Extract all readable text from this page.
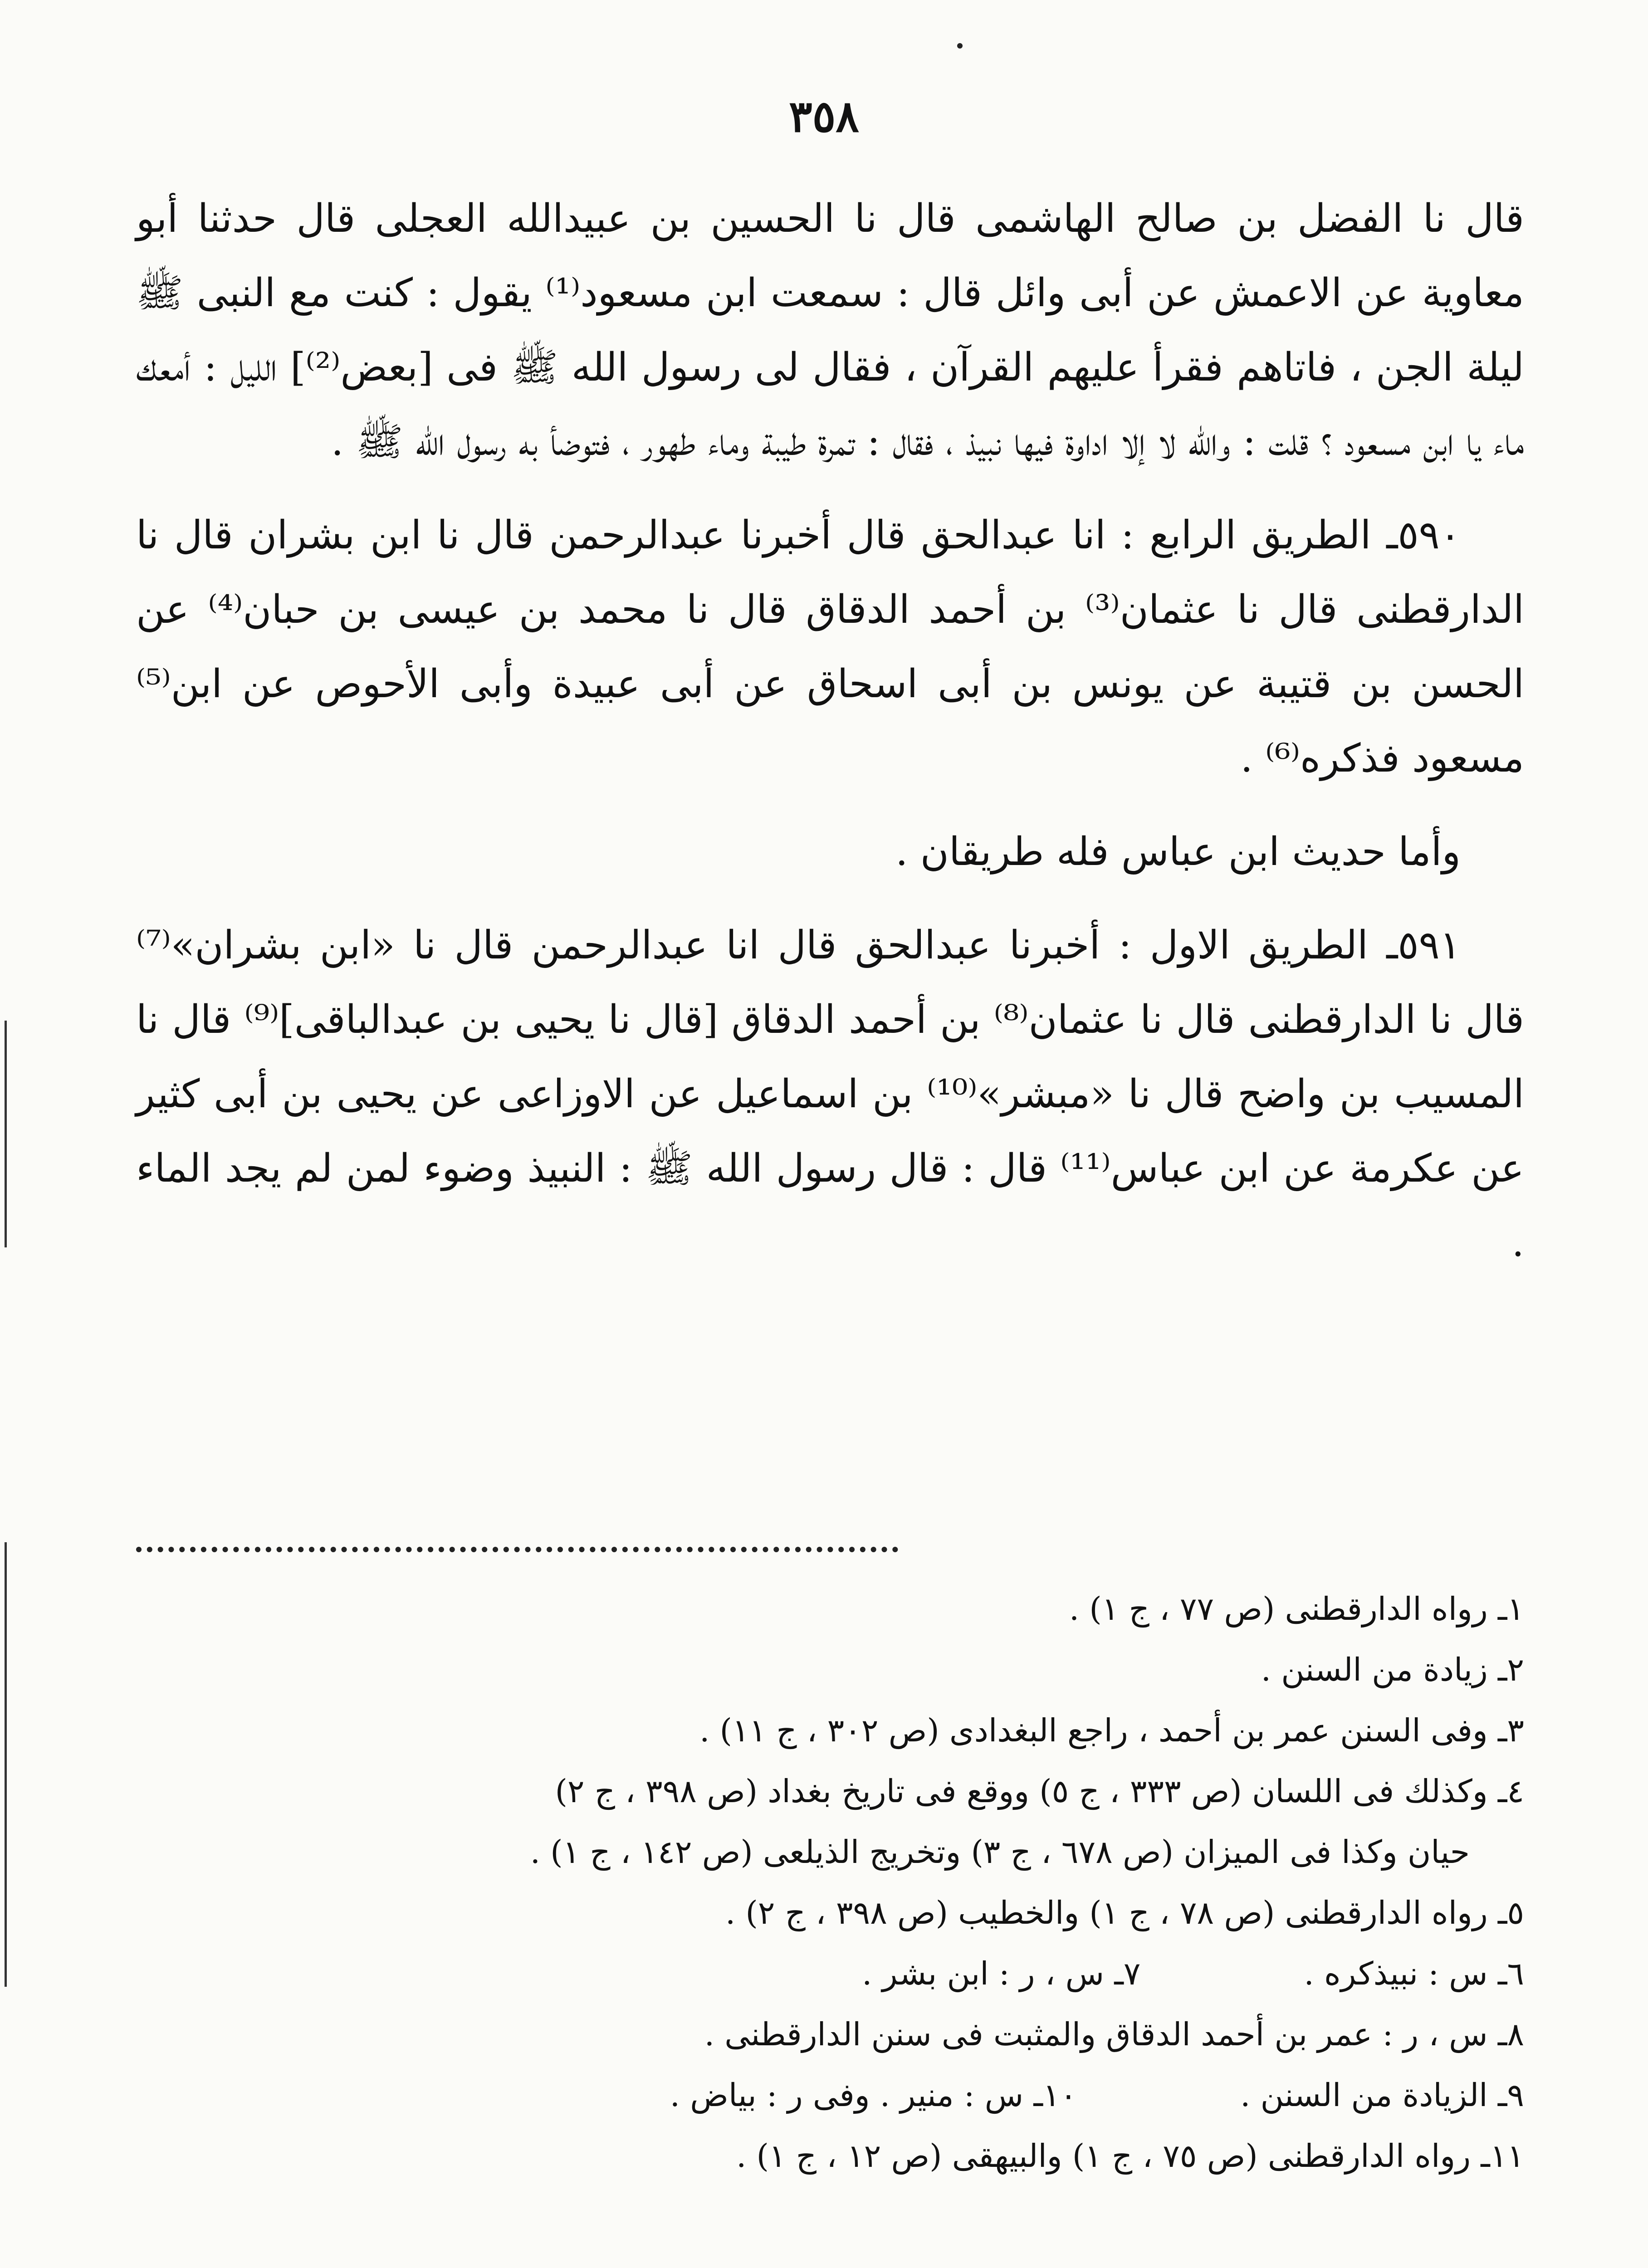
٣٥٨

قال نا الفضل بن صالح الهاشمى قال نا الحسين بن عبيدالله العجلى قال حدثنا أبو معاوية عن الاعمش عن أبى وائل قال : سمعت ابن مسعود⁽¹⁾ يقول : كنت مع النبى ﷺ ليلة الجن ، فاتاهم فقرأ عليهم القرآن ، فقال لى رسول الله ﷺ فى [بعض⁽²⁾] الليل : أمعك ماء يا ابن مسعود ؟ قلت : والله لا إلا اداوة فيها نبيذ ، فقال : تمرة طيبة وماء طهور ، فتوضأ به رسول الله ﷺ .

٥٩٠ـ الطريق الرابع : انا عبدالحق قال أخبرنا عبدالرحمن قال نا ابن بشران قال نا الدارقطنى قال نا عثمان⁽³⁾ بن أحمد الدقاق قال نا محمد بن عيسى بن حبان⁽⁴⁾ عن الحسن بن قتيبة عن يونس بن أبى اسحاق عن أبى عبيدة وأبى الأحوص عن ابن⁽⁵⁾ مسعود فذكره⁽⁶⁾ .

وأما حديث ابن عباس فله طريقان .

٥٩١ـ الطريق الاول : أخبرنا عبدالحق قال انا عبدالرحمن قال نا «ابن بشران»⁽⁷⁾ قال نا الدارقطنى قال نا عثمان⁽⁸⁾ بن أحمد الدقاق [قال نا يحيى بن عبدالباقى]⁽⁹⁾ قال نا المسيب بن واضح قال نا «مبشر»⁽¹⁰⁾ بن اسماعيل عن الاوزاعى عن يحيى بن أبى كثير عن عكرمة عن ابن عباس⁽¹¹⁾ قال : قال رسول الله ﷺ : النبيذ وضوء لمن لم يجد الماء .

١ـ رواه الدارقطنى (ص ٧٧ ، ج ١) .
٢ـ زيادة من السنن .
٣ـ وفى السنن عمر بن أحمد ، راجع البغدادى (ص ٣٠٢ ، ج ١١) .
٤ـ وكذلك فى اللسان (ص ٣٣٣ ، ج ٥) ووقع فى تاريخ بغداد (ص ٣٩٨ ، ج ٢)
حيان وكذا فى الميزان (ص ٦٧٨ ، ج ٣) وتخريج الذيلعى (ص ١٤٢ ، ج ١) .
٥ـ رواه الدارقطنى (ص ٧٨ ، ج ١) والخطيب (ص ٣٩٨ ، ج ٢) .
٦ـ س : نبيذكره .٧ـ س ، ر : ابن بشر .
٨ـ س ، ر : عمر بن أحمد الدقاق والمثبت فى سنن الدارقطنى .
٩ـ الزيادة من السنن .١٠ـ س : منير . وفى ر : بياض .
١١ـ رواه الدارقطنى (ص ٧٥ ، ج ١) والبيهقى (ص ١٢ ، ج ١) .
